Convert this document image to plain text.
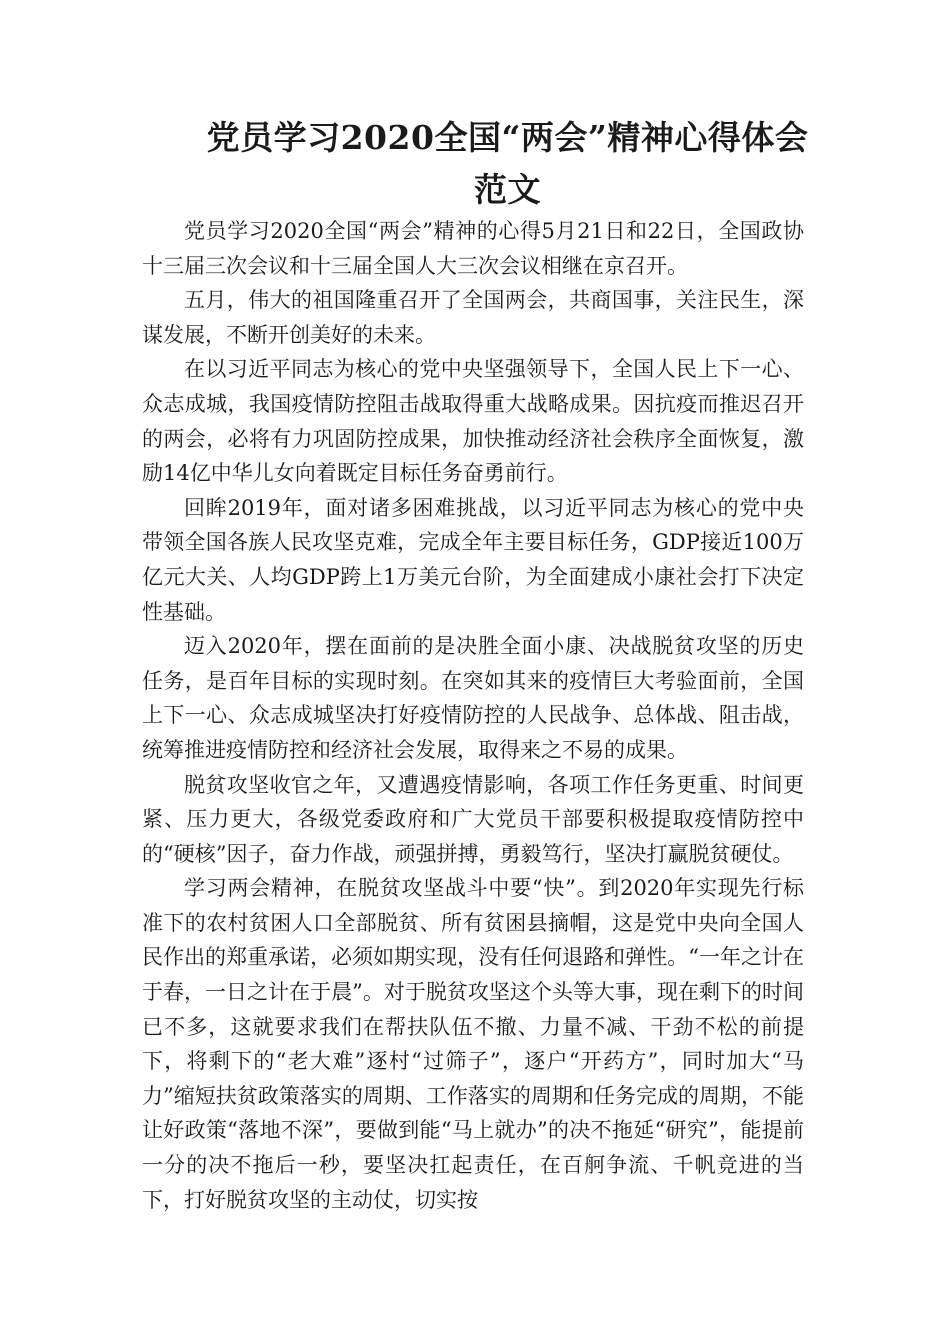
党员学习2020全国“两会”精神心得体会
范文

党员学习2020全国“两会”精神的心得5月21日和22日，全国政协十三届三次会议和十三届全国人大三次会议相继在京召开。

五月，伟大的祖国隆重召开了全国两会，共商国事，关注民生，深谋发展，不断开创美好的未来。

在以习近平同志为核心的党中央坚强领导下，全国人民上下一心、众志成城，我国疫情防控阻击战取得重大战略成果。因抗疫而推迟召开的两会，必将有力巩固防控成果，加快推动经济社会秩序全面恢复，激励14亿中华儿女向着既定目标任务奋勇前行。

回眸2019年，面对诸多困难挑战，以习近平同志为核心的党中央带领全国各族人民攻坚克难，完成全年主要目标任务，GDP接近100万亿元大关、人均GDP跨上1万美元台阶，为全面建成小康社会打下决定性基础。

迈入2020年，摆在面前的是决胜全面小康、决战脱贫攻坚的历史任务，是百年目标的实现时刻。在突如其来的疫情巨大考验面前，全国上下一心、众志成城坚决打好疫情防控的人民战争、总体战、阻击战，统筹推进疫情防控和经济社会发展，取得来之不易的成果。

脱贫攻坚收官之年，又遭遇疫情影响，各项工作任务更重、时间更紧、压力更大，各级党委政府和广大党员干部要积极提取疫情防控中的“硬核”因子，奋力作战，顽强拼搏，勇毅笃行，坚决打赢脱贫硬仗。

学习两会精神，在脱贫攻坚战斗中要“快”。到2020年实现先行标准下的农村贫困人口全部脱贫、所有贫困县摘帽，这是党中央向全国人民作出的郑重承诺，必须如期实现，没有任何退路和弹性。“一年之计在于春，一日之计在于晨”。对于脱贫攻坚这个头等大事，现在剩下的时间已不多，这就要求我们在帮扶队伍不撤、力量不减、干劲不松的前提下，将剩下的“老大难”逐村“过筛子”，逐户“开药方”，同时加大“马力”缩短扶贫政策落实的周期、工作落实的周期和任务完成的周期，不能让好政策“落地不深”，要做到能“马上就办”的决不拖延“研究”，能提前一分的决不拖后一秒，要坚决扛起责任，在百舸争流、千帆竞进的当下，打好脱贫攻坚的主动仗，切实按
